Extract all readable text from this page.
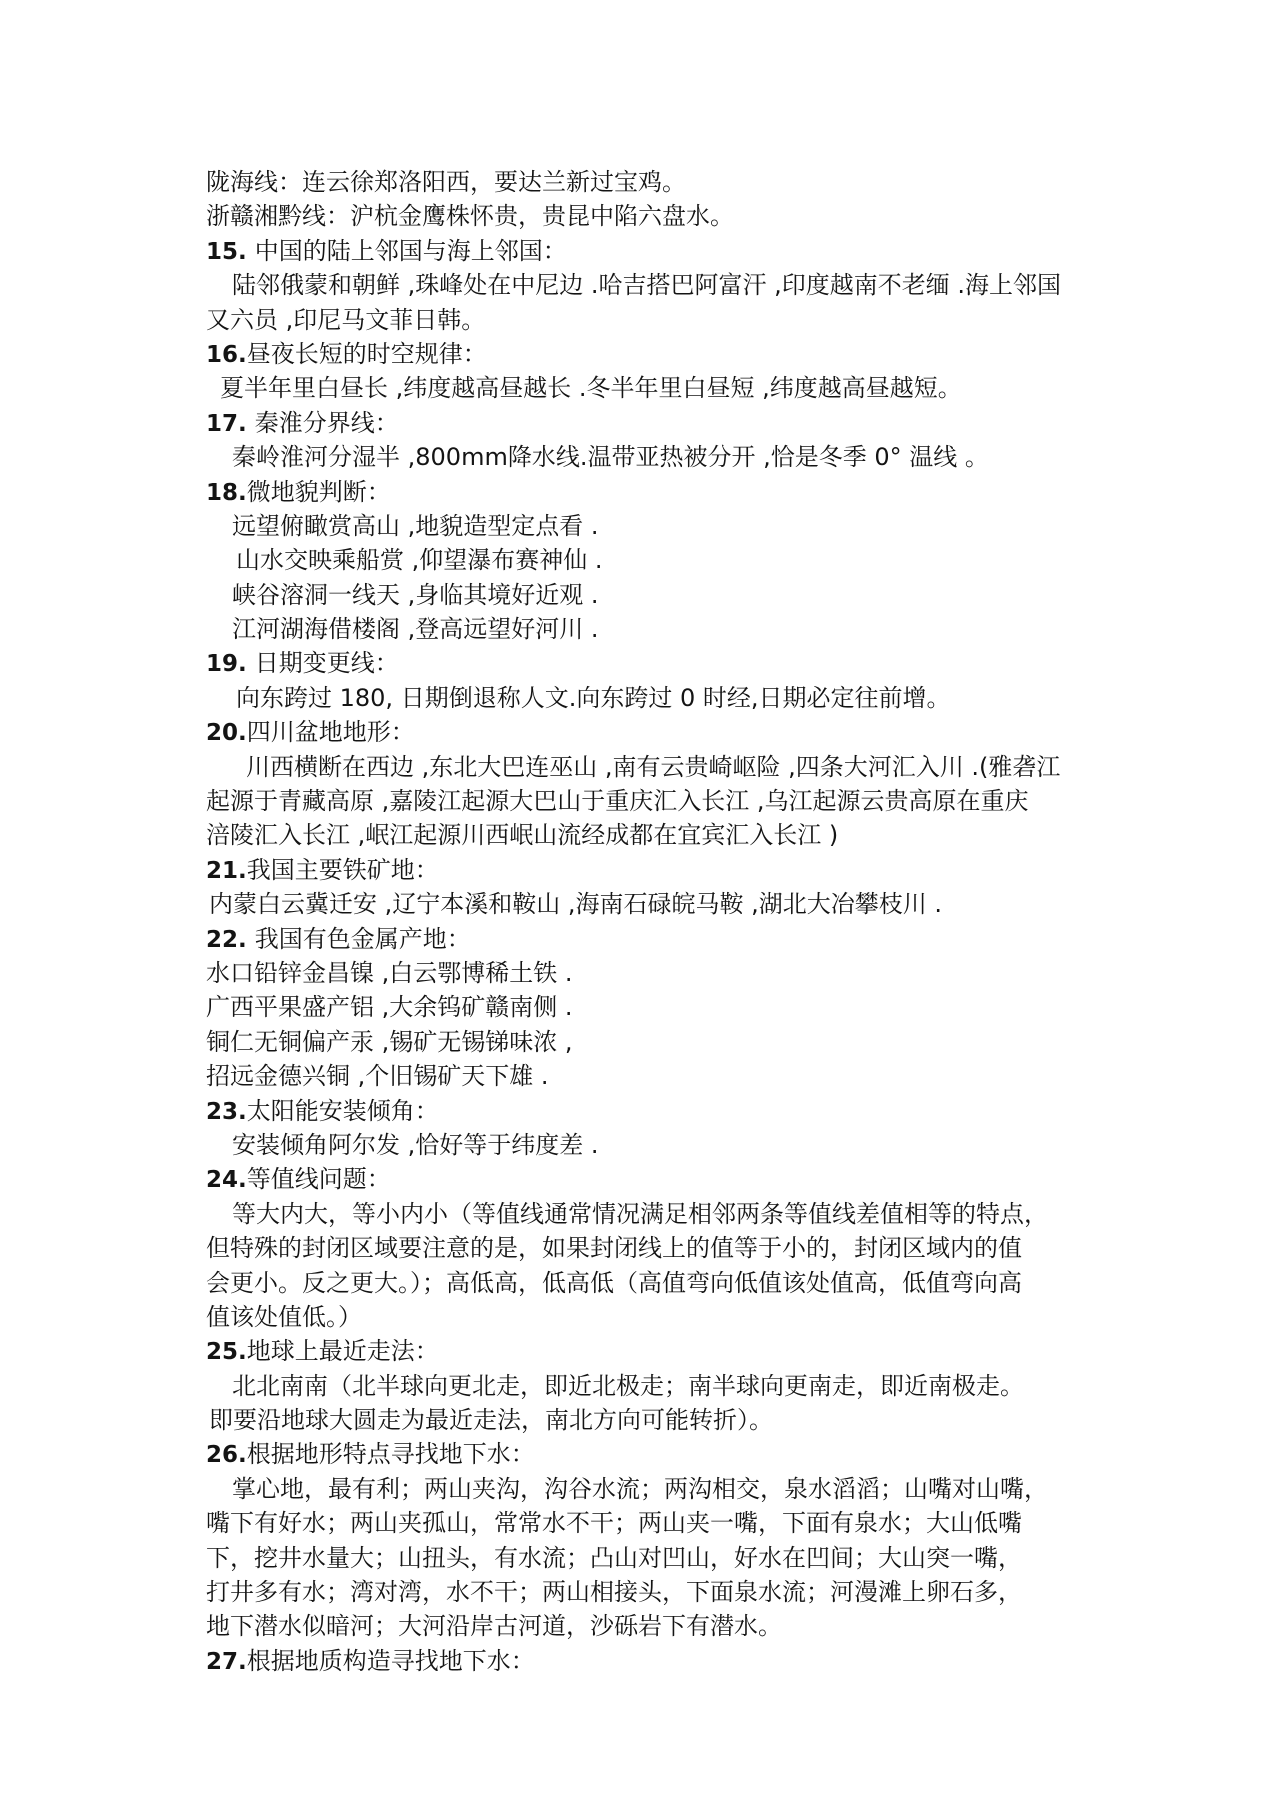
陇海线：连云徐郑洛阳西，要达兰新过宝鸡。
浙赣湘黔线：沪杭金鹰株怀贵，贵昆中陷六盘水。
15. 中国的陆上邻国与海上邻国：
陆邻俄蒙和朝鲜 ,珠峰处在中尼边 .哈吉搭巴阿富汗 ,印度越南不老缅 .海上邻国
又六员 ,印尼马文菲日韩。
16.昼夜长短的时空规律：
夏半年里白昼长 ,纬度越高昼越长 .冬半年里白昼短 ,纬度越高昼越短。
17. 秦淮分界线：
秦岭淮河分湿半 ,800mm降水线.温带亚热被分开 ,恰是冬季 0° 温线 。
18.微地貌判断：
远望俯瞰赏高山 ,地貌造型定点看 .
山水交映乘船赏 ,仰望瀑布赛神仙 .
峡谷溶洞一线天 ,身临其境好近观 .
江河湖海借楼阁 ,登高远望好河川 .
19. 日期变更线：
向东跨过 180, 日期倒退称人文.向东跨过 0 时经,日期必定往前增。
20.四川盆地地形：
川西横断在西边 ,东北大巴连巫山 ,南有云贵崎岖险 ,四条大河汇入川 .(雅砻江
起源于青藏高原 ,嘉陵江起源大巴山于重庆汇入长江 ,乌江起源云贵高原在重庆
涪陵汇入长江 ,岷江起源川西岷山流经成都在宜宾汇入长江 )
21.我国主要铁矿地：
内蒙白云冀迁安 ,辽宁本溪和鞍山 ,海南石碌皖马鞍 ,湖北大冶攀枝川 .
22. 我国有色金属产地：
水口铅锌金昌镍 ,白云鄂博稀土铁 .
广西平果盛产铝 ,大余钨矿赣南侧 .
铜仁无铜偏产汞 ,锡矿无锡锑味浓 ,
招远金德兴铜 ,个旧锡矿天下雄 .
23.太阳能安装倾角：
安装倾角阿尔发 ,恰好等于纬度差 .
24.等值线问题：
等大内大，等小内小（等值线通常情况满足相邻两条等值线差值相等的特点，
但特殊的封闭区域要注意的是，如果封闭线上的值等于小的，封闭区域内的值
会更小。反之更大。）；高低高，低高低（高值弯向低值该处值高，低值弯向高
值该处值低。）
25.地球上最近走法：
北北南南（北半球向更北走，即近北极走；南半球向更南走，即近南极走。
即要沿地球大圆走为最近走法，南北方向可能转折）。
26.根据地形特点寻找地下水：
掌心地，最有利；两山夹沟，沟谷水流；两沟相交，泉水滔滔；山嘴对山嘴，
嘴下有好水；两山夹孤山，常常水不干；两山夹一嘴，下面有泉水；大山低嘴
下，挖井水量大；山扭头，有水流；凸山对凹山，好水在凹间；大山突一嘴，
打井多有水；湾对湾，水不干；两山相接头，下面泉水流；河漫滩上卵石多，
地下潜水似暗河；大河沿岸古河道，沙砾岩下有潜水。
27.根据地质构造寻找地下水：
